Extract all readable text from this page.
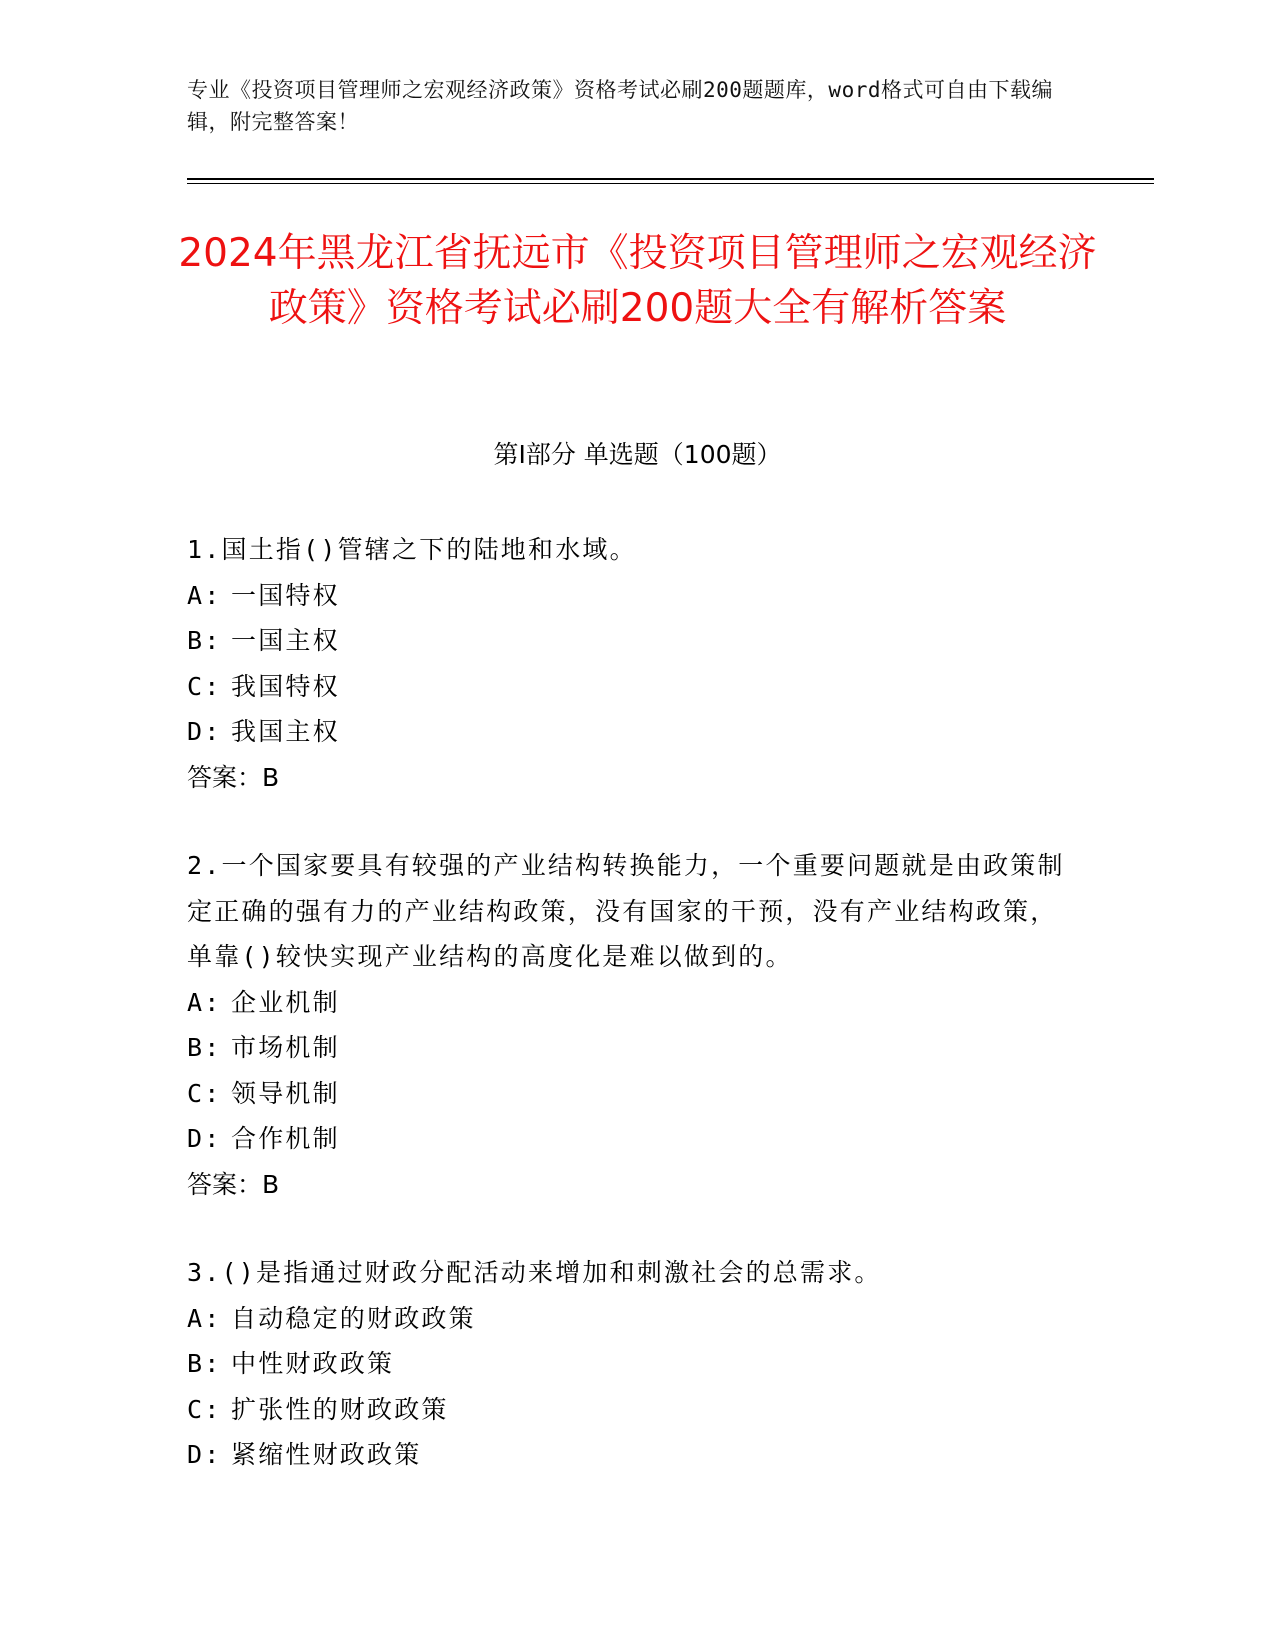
专业《投资项目管理师之宏观经济政策》资格考试必刷200题题库，word格式可自由下载编辑，附完整答案！
2024年黑龙江省抚远市《投资项目管理师之宏观经济政策》资格考试必刷200题大全有解析答案
第Ⅰ部分 单选题（100题）

1.国土指()管辖之下的陆地和水域。

A: 一国特权

B: 一国主权

C: 我国特权

D: 我国主权

答案：B

2.一个国家要具有较强的产业结构转换能力，一个重要问题就是由政策制定正确的强有力的产业结构政策，没有国家的干预，没有产业结构政策，单靠()较快实现产业结构的高度化是难以做到的。

A: 企业机制

B: 市场机制

C: 领导机制

D: 合作机制

答案：B

3.()是指通过财政分配活动来增加和刺激社会的总需求。

A: 自动稳定的财政政策

B: 中性财政政策

C: 扩张性的财政政策

D: 紧缩性财政政策
